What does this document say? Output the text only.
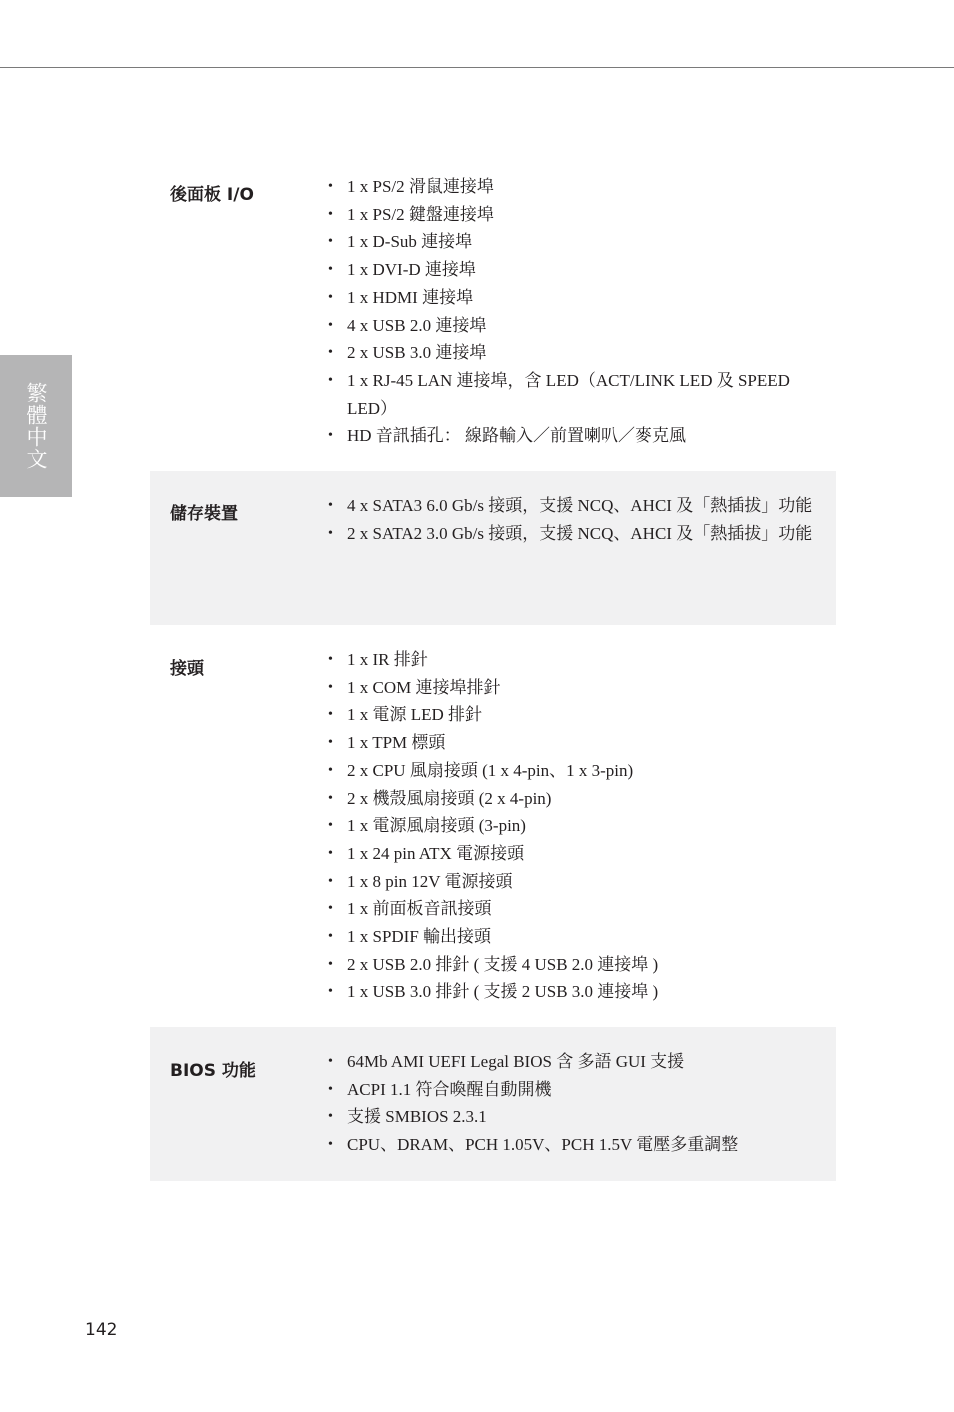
繁體中文
後面板 I/O	• 1 x PS/2 滑鼠連接埠
• 1 x PS/2 鍵盤連接埠
• 1 x D-Sub 連接埠
• 1 x DVI-D 連接埠
• 1 x HDMI 連接埠
• 4 x USB 2.0 連接埠
• 2 x USB 3.0 連接埠
• 1 x RJ-45 LAN 連接埠，含 LED（ACT/LINK LED 及 SPEED LED）
• HD 音訊插孔： 線路輸入／前置喇叭／麥克風
儲存裝置	• 4 x SATA3 6.0 Gb/s 接頭，支援 NCQ、AHCI 及「熱插拔」功能
• 2 x SATA2 3.0 Gb/s 接頭，支援 NCQ、AHCI 及「熱插拔」功能
接頭	• 1 x IR 排針
• 1 x COM 連接埠排針
• 1 x 電源 LED 排針
• 1 x TPM 標頭
• 2 x CPU 風扇接頭 (1 x 4-pin、1 x 3-pin)
• 2 x 機殼風扇接頭 (2 x 4-pin)
• 1 x 電源風扇接頭 (3-pin)
• 1 x 24 pin ATX 電源接頭
• 1 x 8 pin 12V 電源接頭
• 1 x 前面板音訊接頭
• 1 x SPDIF 輸出接頭
• 2 x USB 2.0 排針 ( 支援 4 USB 2.0 連接埠 )
• 1 x USB 3.0 排針 ( 支援 2 USB 3.0 連接埠 )
BIOS 功能	• 64Mb AMI UEFI Legal BIOS 含 多語 GUI 支援
• ACPI 1.1 符合喚醒自動開機
• 支援 SMBIOS 2.3.1
• CPU、DRAM、PCH 1.05V、PCH 1.5V 電壓多重調整
142
